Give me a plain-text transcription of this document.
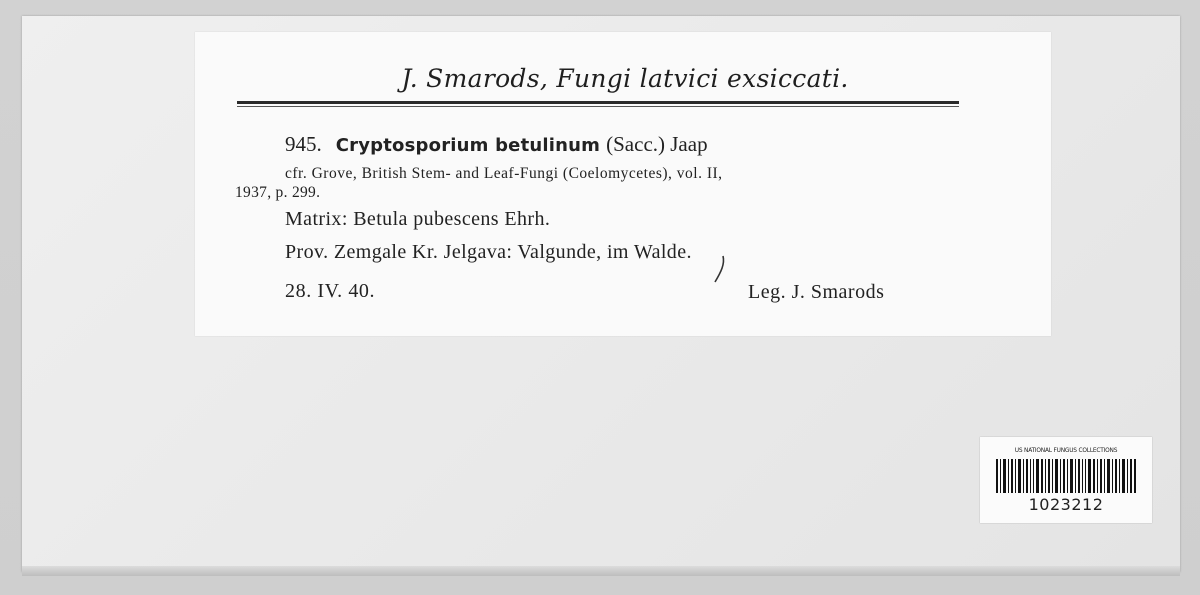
J. Smarods, Fungi latvici exsiccati.
945. Cryptosporium betulinum (Sacc.) Jaap
cfr. Grove, British Stem- and Leaf-Fungi (Coelomycetes), vol. II,
1937, p. 299.
Matrix: Betula pubescens Ehrh.
Prov. Zemgale Kr. Jelgava: Valgunde, im Walde.
28. IV. 40.	Leg. J. Smarods
US NATIONAL FUNGUS COLLECTIONS
1023212
